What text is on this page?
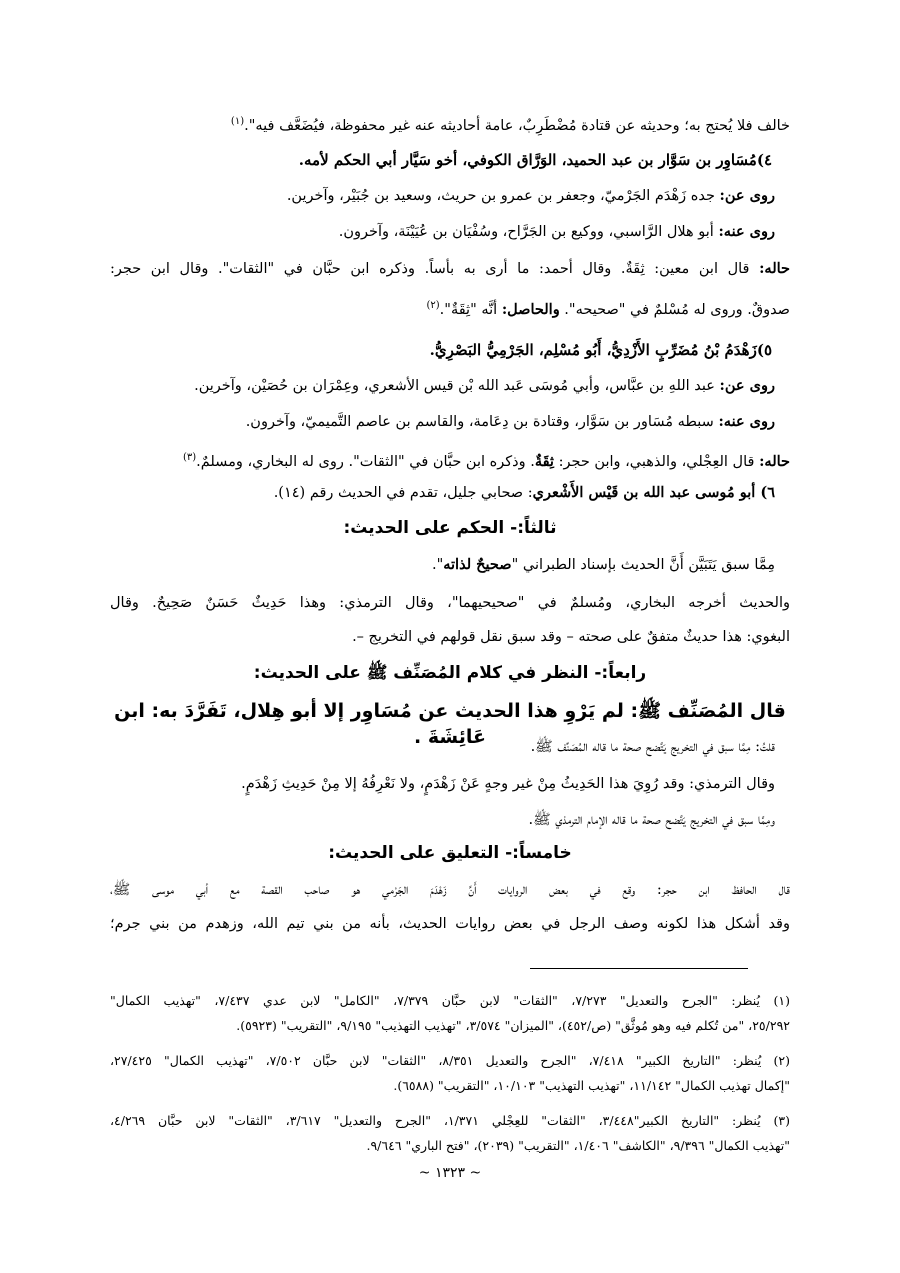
خالف فلا يُحتج به؛ وحديثه عن قتادة مُضْطَرِبٌ، عامة أحاديثه عنه غير محفوظة، فيُضَعَّف فيه".$^{(١)}$
٤)مُسَاوِر بن سَوَّار بن عبد الحميد، الوَرَّاق الكوفي، أخو سَيَّار أبي الحكم لأمه.
روى عن: جده زَهْدَم الجَرْميّ، وجعفر بن عمرو بن حريث، وسعيد بن جُبَيْر، وآخرين.
روى عنه: أبو هلال الرَّاسبي، ووكيع بن الجَرَّاح، وسُفْيَان بن عُيَيْنَة، وآخرون.
حاله: قال ابن معين: ثِقَةٌ. وقال أحمد: ما أرى به بأساً. وذكره ابن حبَّان في "الثقات". وقال ابن حجر:
صدوقٌ. وروى له مُسْلمٌ في "صحيحه". والحاصل: أنَّه "ثِقَةٌ".$^{(٢)}$
٥)زَهْدَمُ بْنُ مُضَرِّبٍ الأَزْدِيُّ، أَبُو مُسْلِم، الجَرْمِيُّ البَصْرِيُّ.
روى عن: عبد اللهِ بن عبَّاس، وأبي مُوسَى عَبد الله بْن قيس الأشعري، وعِمْرَان بن حُصَيْن، وآخرين.
روى عنه: سبطه مُسَاور بن سَوَّار، وقتادة بن دِعَامة، والقاسم بن عاصم التَّميميّ، وآخرون.
حاله: قال العِجْلي، والذهبي، وابن حجر: ثِقَةٌ. وذكره ابن حبَّان في "الثقات". روى له البخاري، ومسلمٌ.$^{(٣)}$
٦) أبو مُوسى عبد الله بن قَيْس الأَشْعري: صحابي جليل، تقدم في الحديث رقم (١٤).
ثالثاً:- الحكم على الحديث:
مِمَّا سبق يَتَبَيَّن أَنَّ الحديث بإسناد الطبراني "صحيحٌ لذاته".
والحديث أخرجه البخاري، ومُسلمٌ في "صحيحيهما"، وقال الترمذي: وهذا حَدِيثٌ حَسَنٌ صَحِيحٌ. وقال
البغوي: هذا حديثٌ متفقٌ على صحته – وقد سبق نقل قولهم في التخريج –.
رابعاً:- النظر في كلام المُصَنِّف ﷺ على الحديث:
قال المُصَنِّف ﷺ: لم يَرْوِ هذا الحديث عن مُسَاوِر إلا أبو هِلال، تَفَرَّدَ به: ابن عَائِشَةَ .	قلتُ: مِمَّا سبق في التخريج يَتَّضح صحة ما قاله المُصَنِّف ﷺ.
وقال الترمذي: وقد رُوِيَ هذا الحَدِيثُ مِنْ غير وجهٍ عَنْ زَهْدَمٍ، ولا نَعْرِفُهُ إلا مِنْ حَدِيثِ زَهْدَمٍ.
ومِمَّا سبق في التخريج يَتَّضح صحة ما قاله الإمام الترمذي ﷺ.
خامساً:- التعليق على الحديث:
قال الحافظ ابن حجر: وقع في بعض الروايات أَنَّ زَهْدَمَ الجَرْمي هو صاحب القصة مع أبي موسى ﷺ،
وقد أشكل هذا لكونه وصف الرجل في بعض روايات الحديث، بأنه من بني تيم الله، وزهدم من بني جرم؛
(١) يُنظر: "الجرح والتعديل" ٧/٢٧٣، "الثقات" لابن حبَّان ٧/٣٧٩، "الكامل" لابن عدي ٧/٤٣٧، "تهذيب الكمال"
٢٥/٢٩٢، "من تُكلم فيه وهو مُوثَّق" (ص/٤٥٢)، "الميزان" ٣/٥٧٤، "تهذيب التهذيب" ٩/١٩٥، "التقريب" (٥٩٢٣).
(٢) يُنظر: "التاريخ الكبير" ٧/٤١٨، "الجرح والتعديل ٨/٣٥١، "الثقات" لابن حبَّان ٧/٥٠٢، "تهذيب الكمال" ٢٧/٤٢٥،
"إكمال تهذيب الكمال" ١١/١٤٢، "تهذيب التهذيب" ١٠/١٠٣، "التقريب" (٦٥٨٨).
(٣) يُنظر: "التاريخ الكبير"٣/٤٤٨، "الثقات" للعِجْلي ١/٣٧١، "الجرح والتعديل" ٣/٦١٧، "الثقات" لابن حبَّان ٤/٢٦٩،
"تهذيب الكمال" ٩/٣٩٦، "الكاشف" ١/٤٠٦، "التقريب" (٢٠٣٩)، "فتح الباري" ٩/٦٤٦.
~ ١٣٢٣ ~
